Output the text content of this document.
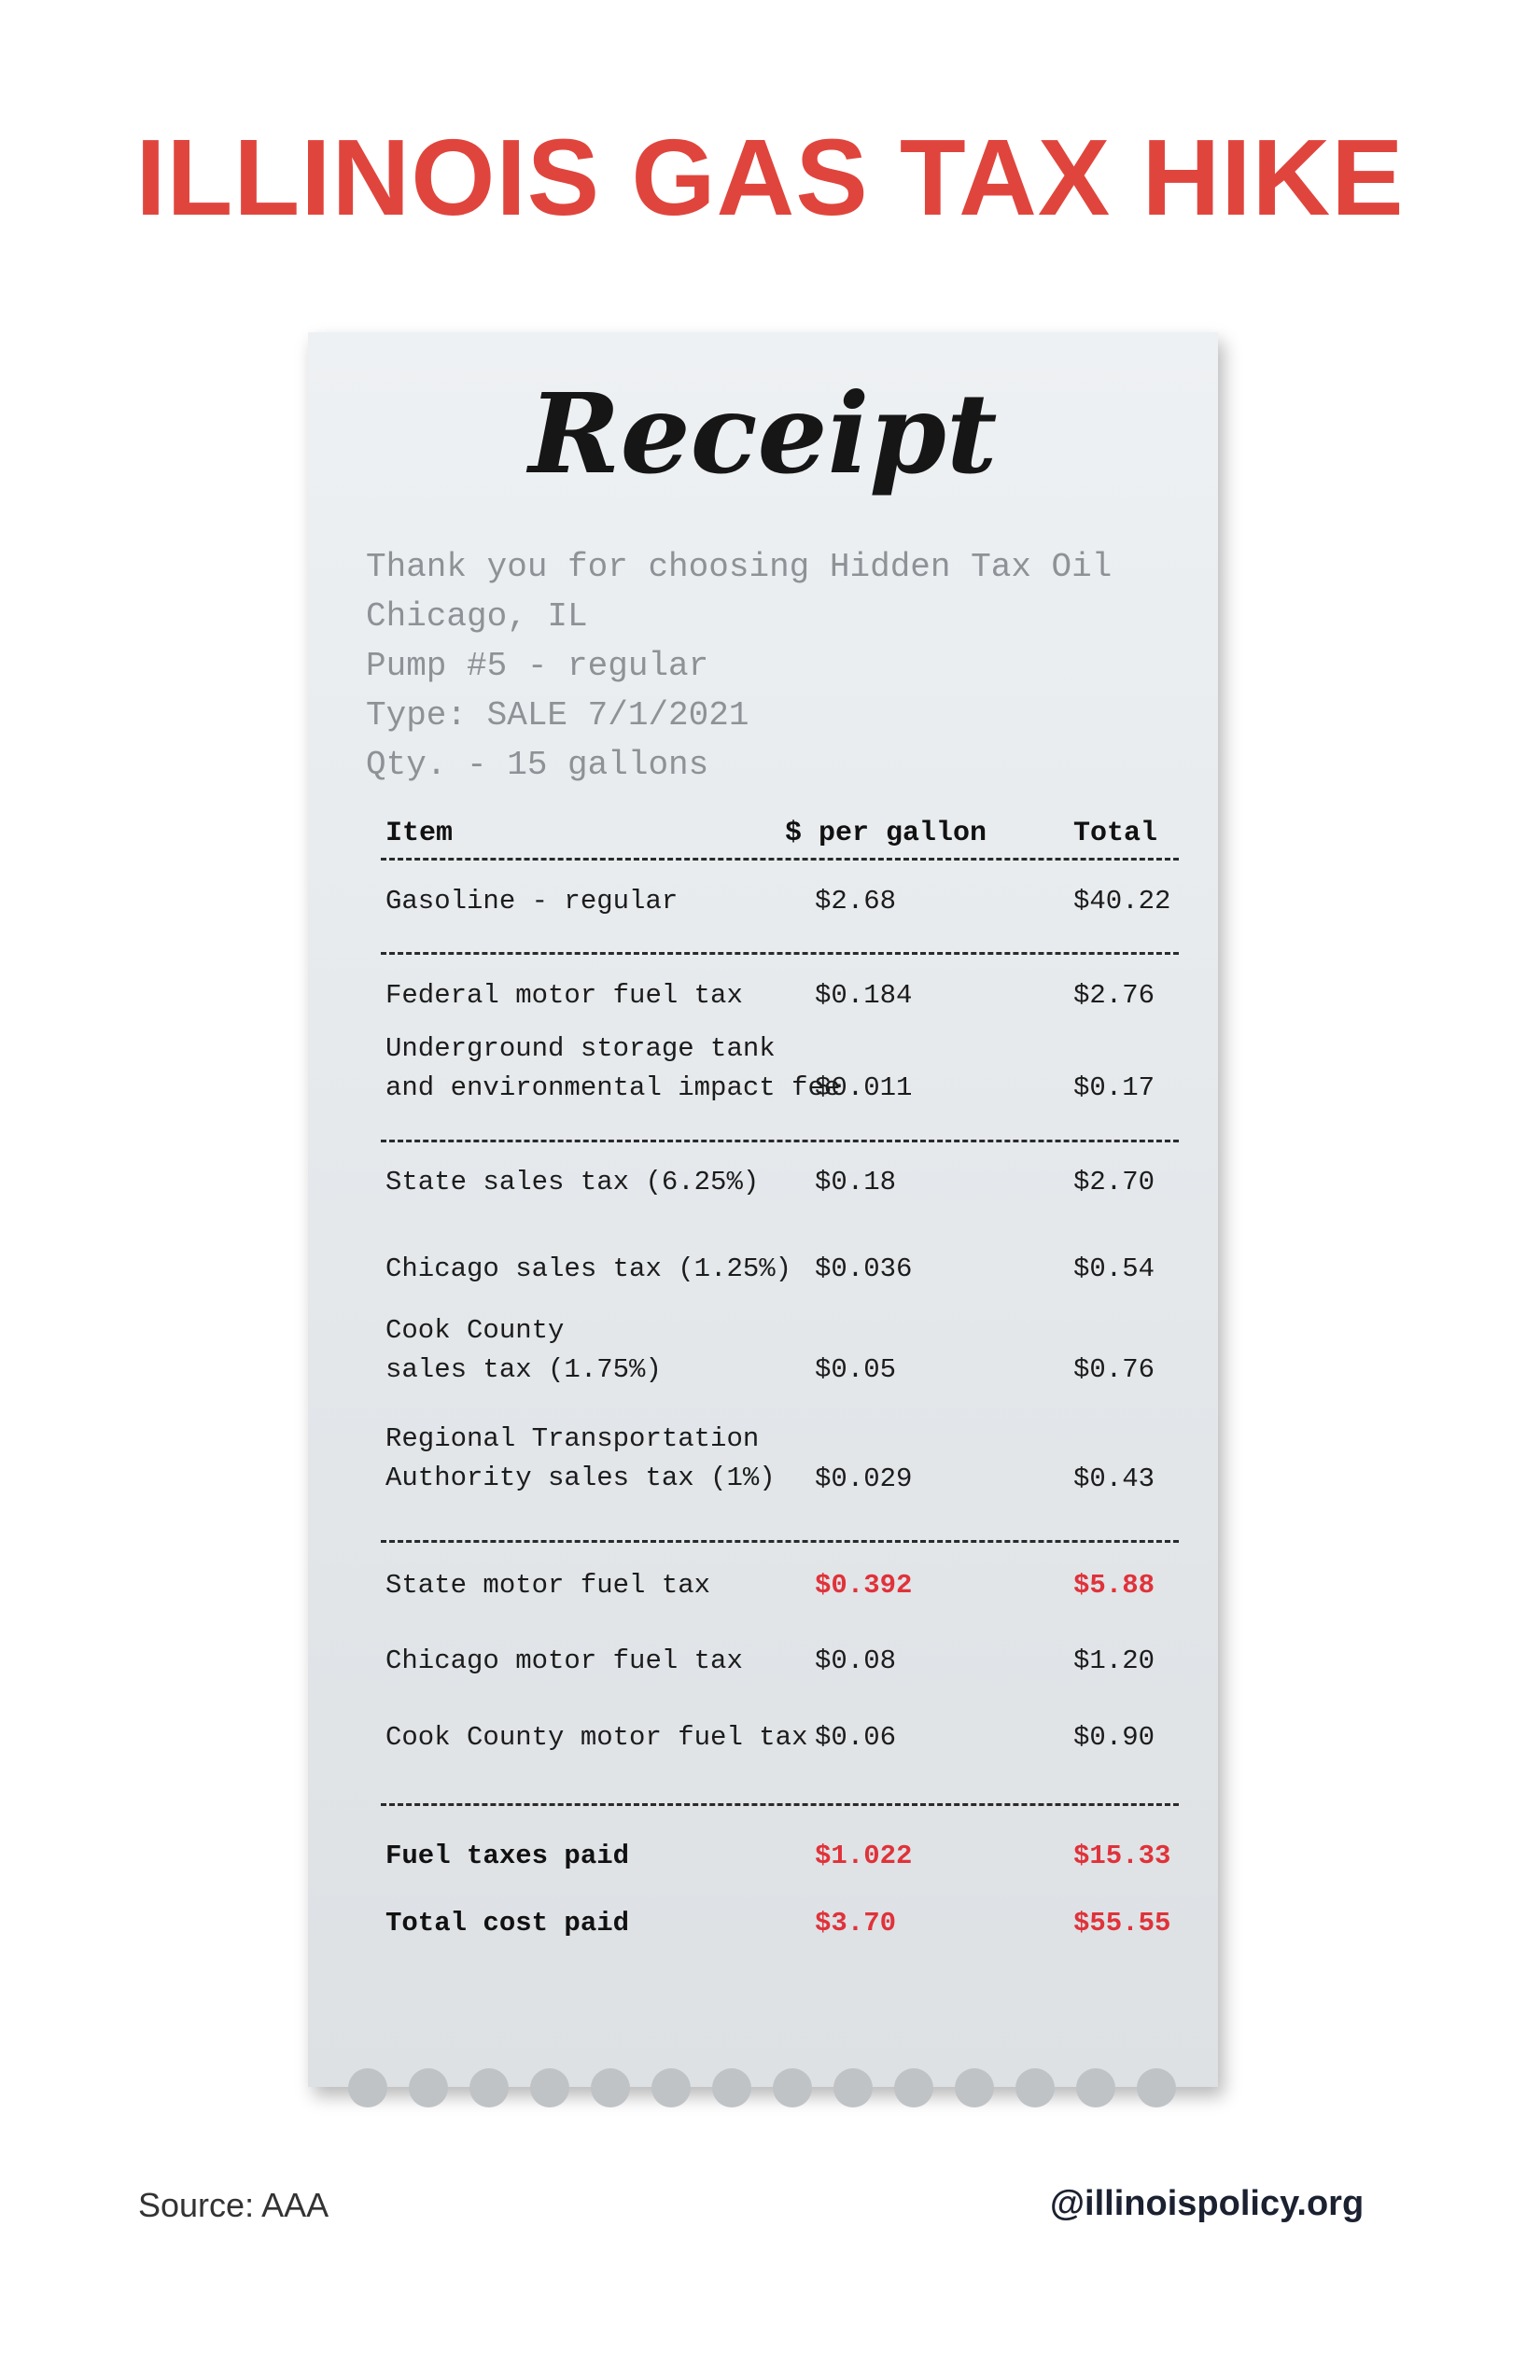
ILLINOIS GAS TAX HIKE
Receipt
Thank you for choosing Hidden Tax Oil
Chicago, IL
Pump #5 - regular
Type: SALE 7/1/2021
Qty. - 15 gallons
Item	$ per gallon	Total
Gasoline - regular	$2.68	$40.22
Federal motor fuel tax	$0.184	$2.76
Underground storage tank
and environmental impact fee
$0.011	$0.17
State sales tax (6.25%) $0.18	$2.70
Chicago sales tax (1.25%) $0.036	$0.54
Cook County
sales tax (1.75%)	$0.05	$0.76
Regional Transportation
Authority sales tax (1%) $0.029	$0.43
State motor fuel tax	$0.392	$5.88
Chicago motor fuel tax	$0.08	$1.20
Cook County motor fuel tax $0.06	$0.90
Fuel taxes paid	$1.022	$15.33
Total cost paid	$3.70	$55.55
Source: AAA	@illinoispolicy.org
